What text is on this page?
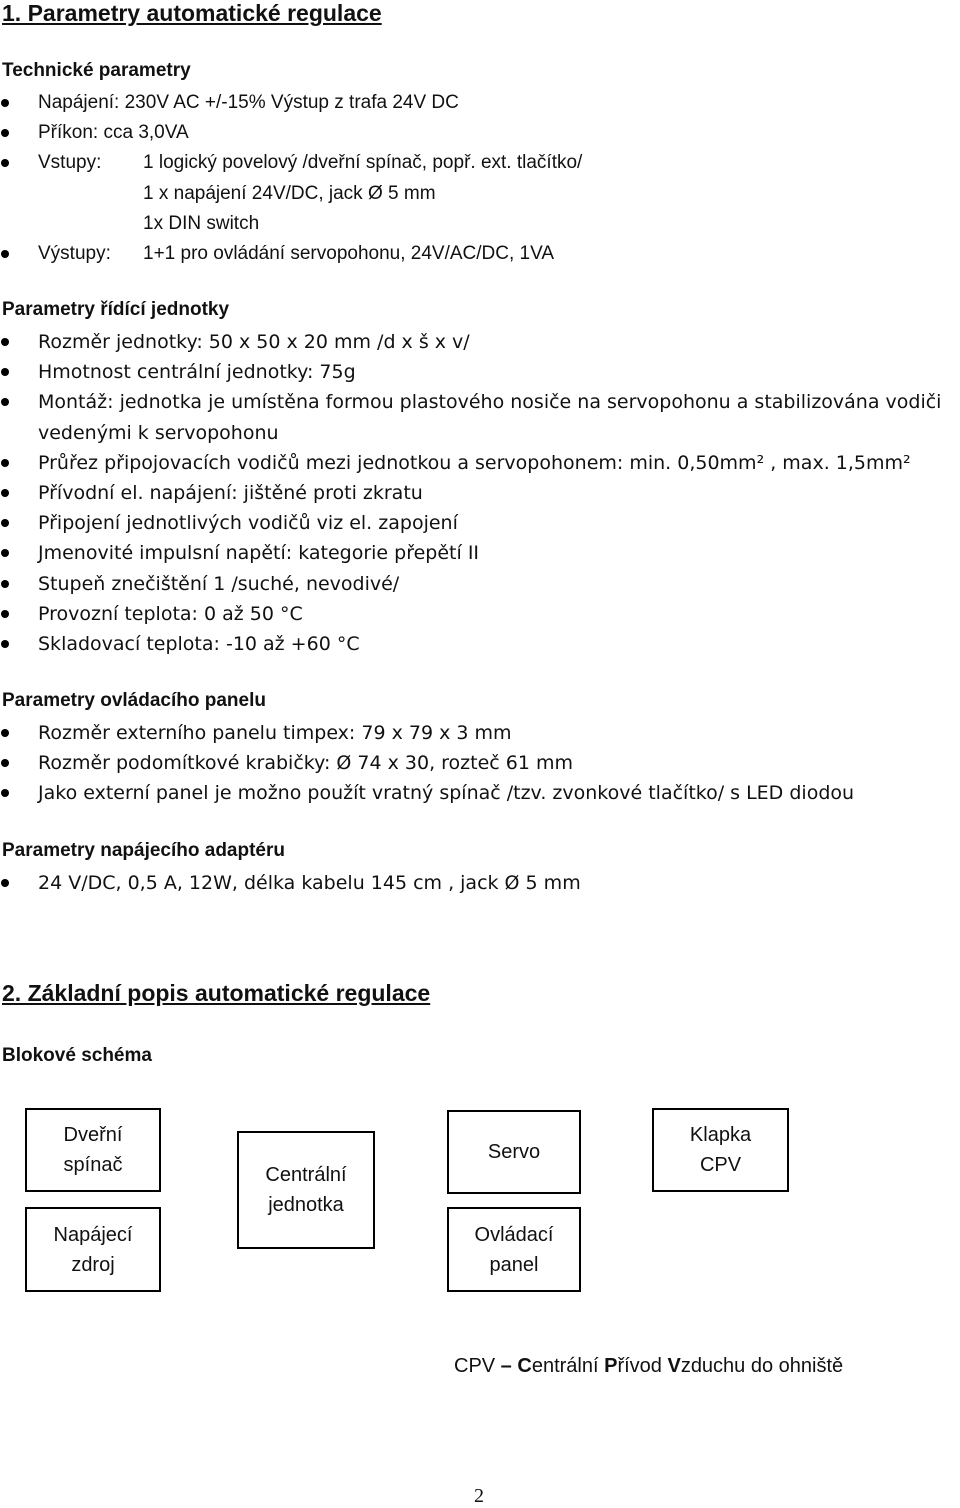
1. Parametry automatické regulace
Technické parametry
Napájení: 230V AC +/-15% Výstup z trafa 24V DC
Příkon: cca 3,0VA
Vstupy: 1 logický povelový /dveřní spínač, popř. ext. tlačítko/
1 x napájení 24V/DC, jack Ø 5 mm
1x DIN switch
Výstupy: 1+1 pro ovládání servopohonu, 24V/AC/DC, 1VA
Parametry řídící jednotky
Rozměr jednotky: 50 x 50 x 20 mm /d x š x v/
Hmotnost centrální jednotky: 75g
Montáž: jednotka je umístěna formou plastového nosiče na servopohonu a stabilizována vodiči vedenými k servopohonu
Průřez připojovacích vodičů mezi jednotkou a servopohonem: min. 0,50mm² , max. 1,5mm²
Přívodní el. napájení: jištěné proti zkratu
Připojení jednotlivých vodičů viz el. zapojení
Jmenovité impulsní napětí: kategorie přepětí II
Stupeň znečištění 1 /suché, nevodivé/
Provozní teplota: 0 až 50 °C
Skladovací teplota: -10 až +60 °C
Parametry ovládacího panelu
Rozměr externího panelu timpex: 79 x 79 x 3 mm
Rozměr podomítkové krabičky: Ø 74 x 30, rozteč 61 mm
Jako externí panel je možno použít vratný spínač /tzv. zvonkové tlačítko/ s LED diodou
Parametry napájecího adaptéru
24 V/DC, 0,5 A, 12W, délka kabelu 145 cm , jack Ø 5 mm
2. Základní popis automatické regulace
Blokové schéma
Dveřní spínač
Napájecí zdroj
Centrální jednotka
Servo
Ovládací panel
Klapka CPV
CPV – Centrální Přívod Vzduchu do ohniště
2
